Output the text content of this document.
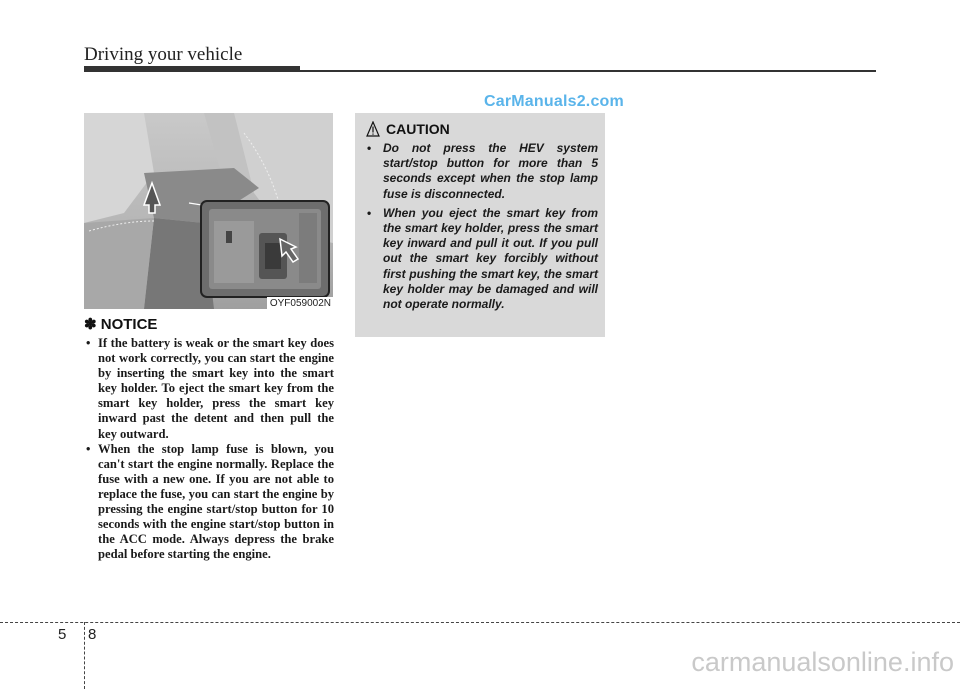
Driving your vehicle
CarManuals2.com
OYF059002N
✽ NOTICE
• If the battery is weak or the smart key does not work correctly, you can start the engine by inserting the smart key into the smart key holder. To eject the smart key from the smart key holder, press the smart key inward past the detent and then pull the key outward.
• When the stop lamp fuse is blown, you can't start the engine normally. Replace the fuse with a new one. If you are not able to replace the fuse, you can start the engine by pressing the engine start/stop button for 10 seconds with the engine start/stop button in the ACC mode. Always depress the brake pedal before starting the engine.
CAUTION
• Do not press the HEV system start/stop button for more than 5 seconds except when the stop lamp fuse is disconnected.
• When you eject the smart key from the smart key holder, press the smart key inward and pull it out. If you pull out the smart key forcibly without first pushing the smart key, the smart key holder may be damaged and will not operate normally.
5 8
carmanualsonline.info
